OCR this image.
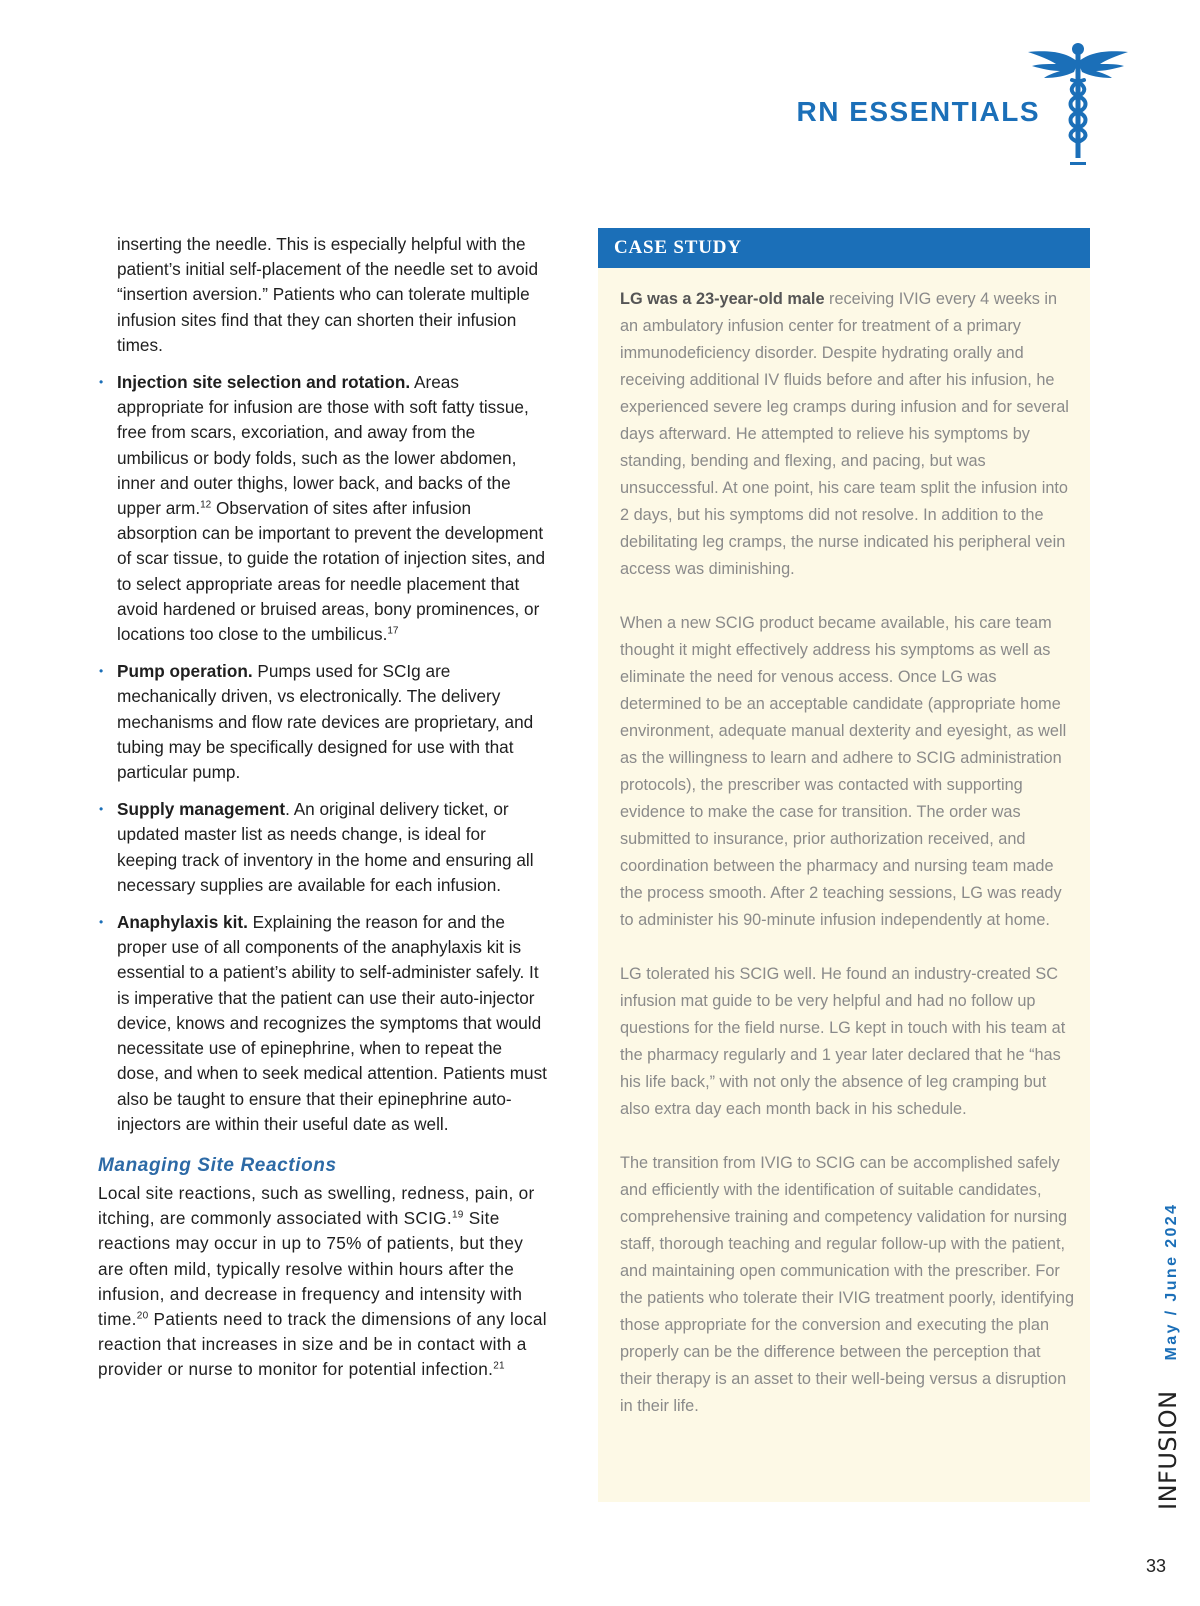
RN ESSENTIALS

inserting the needle. This is especially helpful with the patient’s initial self-placement of the needle set to avoid “insertion aversion.” Patients who can tolerate multiple infusion sites find that they can shorten their infusion times.

• Injection site selection and rotation. Areas appropriate for infusion are those with soft fatty tissue, free from scars, excoriation, and away from the umbilicus or body folds, such as the lower abdomen, inner and outer thighs, lower back, and backs of the upper arm.$^{12}$ Observation of sites after infusion absorption can be important to prevent the development of scar tissue, to guide the rotation of injection sites, and to select appropriate areas for needle placement that avoid hardened or bruised areas, bony prominences, or locations too close to the umbilicus.$^{17}$
• Pump operation. Pumps used for SCIg are mechanically driven, vs electronically. The delivery mechanisms and flow rate devices are proprietary, and tubing may be specifically designed for use with that particular pump.
• Supply management. An original delivery ticket, or updated master list as needs change, is ideal for keeping track of inventory in the home and ensuring all necessary supplies are available for each infusion.
• Anaphylaxis kit. Explaining the reason for and the proper use of all components of the anaphylaxis kit is essential to a patient’s ability to self-administer safely. It is imperative that the patient can use their auto-injector device, knows and recognizes the symptoms that would necessitate use of epinephrine, when to repeat the dose, and when to seek medical attention. Patients must also be taught to ensure that their epinephrine auto-injectors are within their useful date as well.
Managing Site Reactions

Local site reactions, such as swelling, redness, pain, or itching, are commonly associated with SCIG.$^{19}$ Site reactions may occur in up to 75% of patients, but they are often mild, typically resolve within hours after the infusion, and decrease in frequency and intensity with time.$^{20}$ Patients need to track the dimensions of any local reaction that increases in size and be in contact with a provider or nurse to monitor for potential infection.$^{21}$

CASE STUDY

LG was a 23-year-old male receiving IVIG every 4 weeks in an ambulatory infusion center for treatment of a primary immunodeficiency disorder. Despite hydrating orally and receiving additional IV fluids before and after his infusion, he experienced severe leg cramps during infusion and for several days afterward. He attempted to relieve his symptoms by standing, bending and flexing, and pacing, but was unsuccessful. At one point, his care team split the infusion into 2 days, but his symptoms did not resolve. In addition to the debilitating leg cramps, the nurse indicated his peripheral vein access was diminishing.

When a new SCIG product became available, his care team thought it might effectively address his symptoms as well as eliminate the need for venous access. Once LG was determined to be an acceptable candidate (appropriate home environment, adequate manual dexterity and eyesight, as well as the willingness to learn and adhere to SCIG administration protocols), the prescriber was contacted with supporting evidence to make the case for transition. The order was submitted to insurance, prior authorization received, and coordination between the pharmacy and nursing team made the process smooth. After 2 teaching sessions, LG was ready to administer his 90-minute infusion independently at home.

LG tolerated his SCIG well. He found an industry-created SC infusion mat guide to be very helpful and had no follow up questions for the field nurse. LG kept in touch with his team at the pharmacy regularly and 1 year later declared that he “has his life back,” with not only the absence of leg cramping but also extra day each month back in his schedule.

The transition from IVIG to SCIG can be accomplished safely and efficiently with the identification of suitable candidates, comprehensive training and competency validation for nursing staff, thorough teaching and regular follow-up with the patient, and maintaining open communication with the prescriber. For the patients who tolerate their IVIG treatment poorly, identifying those appropriate for the conversion and executing the plan properly can be the difference between the perception that their therapy is an asset to their well-being versus a disruption in their life.	INFUSION
May / June 2024
33
